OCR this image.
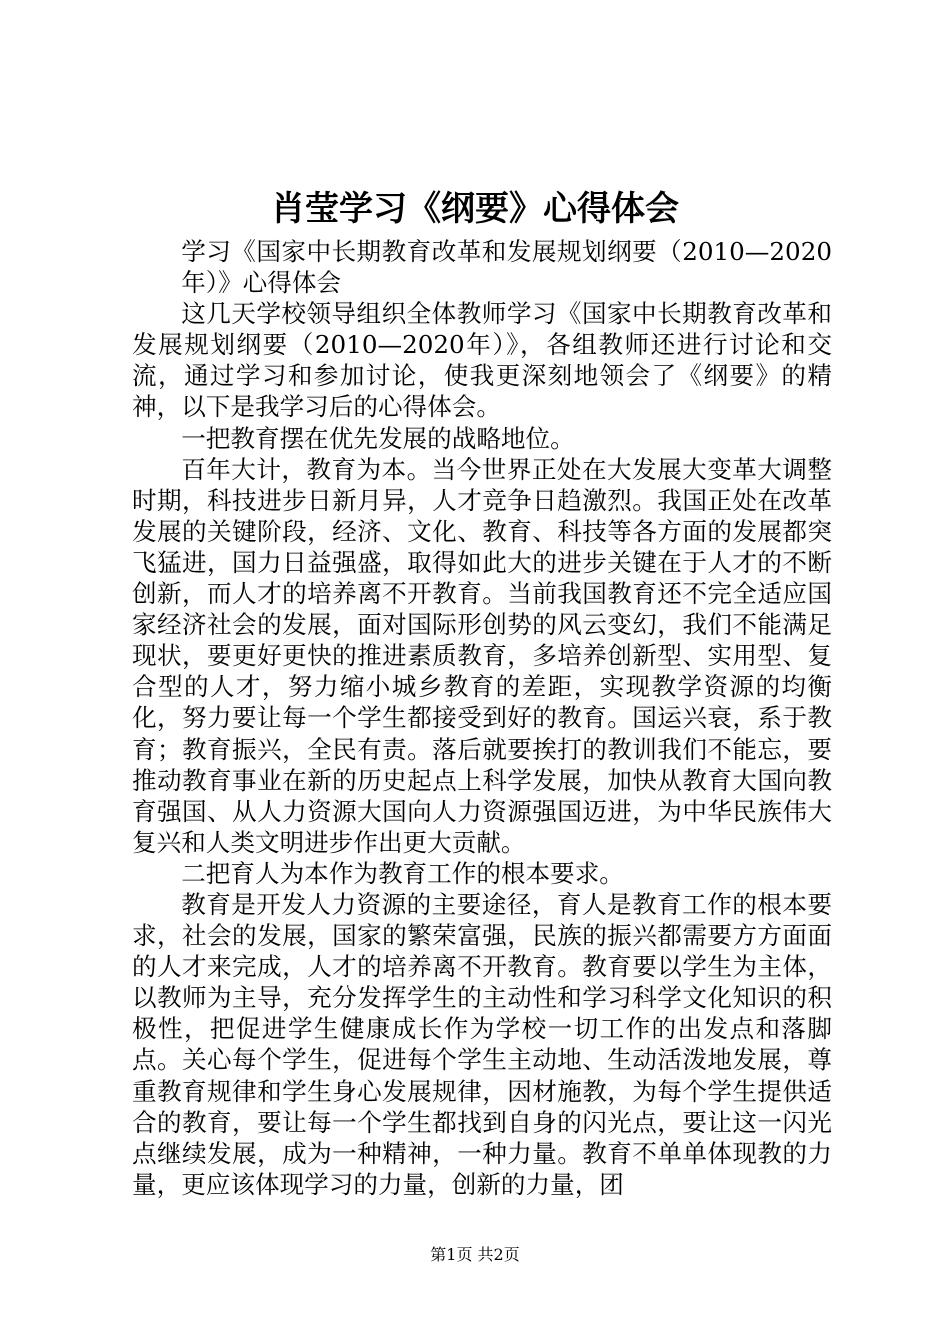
肖莹学习《纲要》心得体会

学习《国家中长期教育改革和发展规划纲要（2010—2020年）》心得体会

这几天学校领导组织全体教师学习《国家中长期教育改革和发展规划纲要（2010—2020年）》，各组教师还进行讨论和交流，通过学习和参加讨论，使我更深刻地领会了《纲要》的精神，以下是我学习后的心得体会。

一把教育摆在优先发展的战略地位。

百年大计，教育为本。当今世界正处在大发展大变革大调整时期，科技进步日新月异，人才竞争日趋激烈。我国正处在改革发展的关键阶段，经济、文化、教育、科技等各方面的发展都突飞猛进，国力日益强盛，取得如此大的进步关键在于人才的不断创新，而人才的培养离不开教育。当前我国教育还不完全适应国家经济社会的发展，面对国际形创势的风云变幻，我们不能满足现状，要更好更快的推进素质教育，多培养创新型、实用型、复合型的人才，努力缩小城乡教育的差距，实现教学资源的均衡化，努力要让每一个学生都接受到好的教育。国运兴衰，系于教育；教育振兴，全民有责。落后就要挨打的教训我们不能忘，要推动教育事业在新的历史起点上科学发展，加快从教育大国向教育强国、从人力资源大国向人力资源强国迈进，为中华民族伟大复兴和人类文明进步作出更大贡献。

二把育人为本作为教育工作的根本要求。

教育是开发人力资源的主要途径，育人是教育工作的根本要求，社会的发展，国家的繁荣富强，民族的振兴都需要方方面面的人才来完成，人才的培养离不开教育。教育要以学生为主体，以教师为主导，充分发挥学生的主动性和学习科学文化知识的积极性，把促进学生健康成长作为学校一切工作的出发点和落脚点。关心每个学生，促进每个学生主动地、生动活泼地发展，尊重教育规律和学生身心发展规律，因材施教，为每个学生提供适合的教育，要让每一个学生都找到自身的闪光点，要让这一闪光点继续发展，成为一种精神，一种力量。教育不单单体现教的力量，更应该体现学习的力量，创新的力量，团

第1页 共2页
